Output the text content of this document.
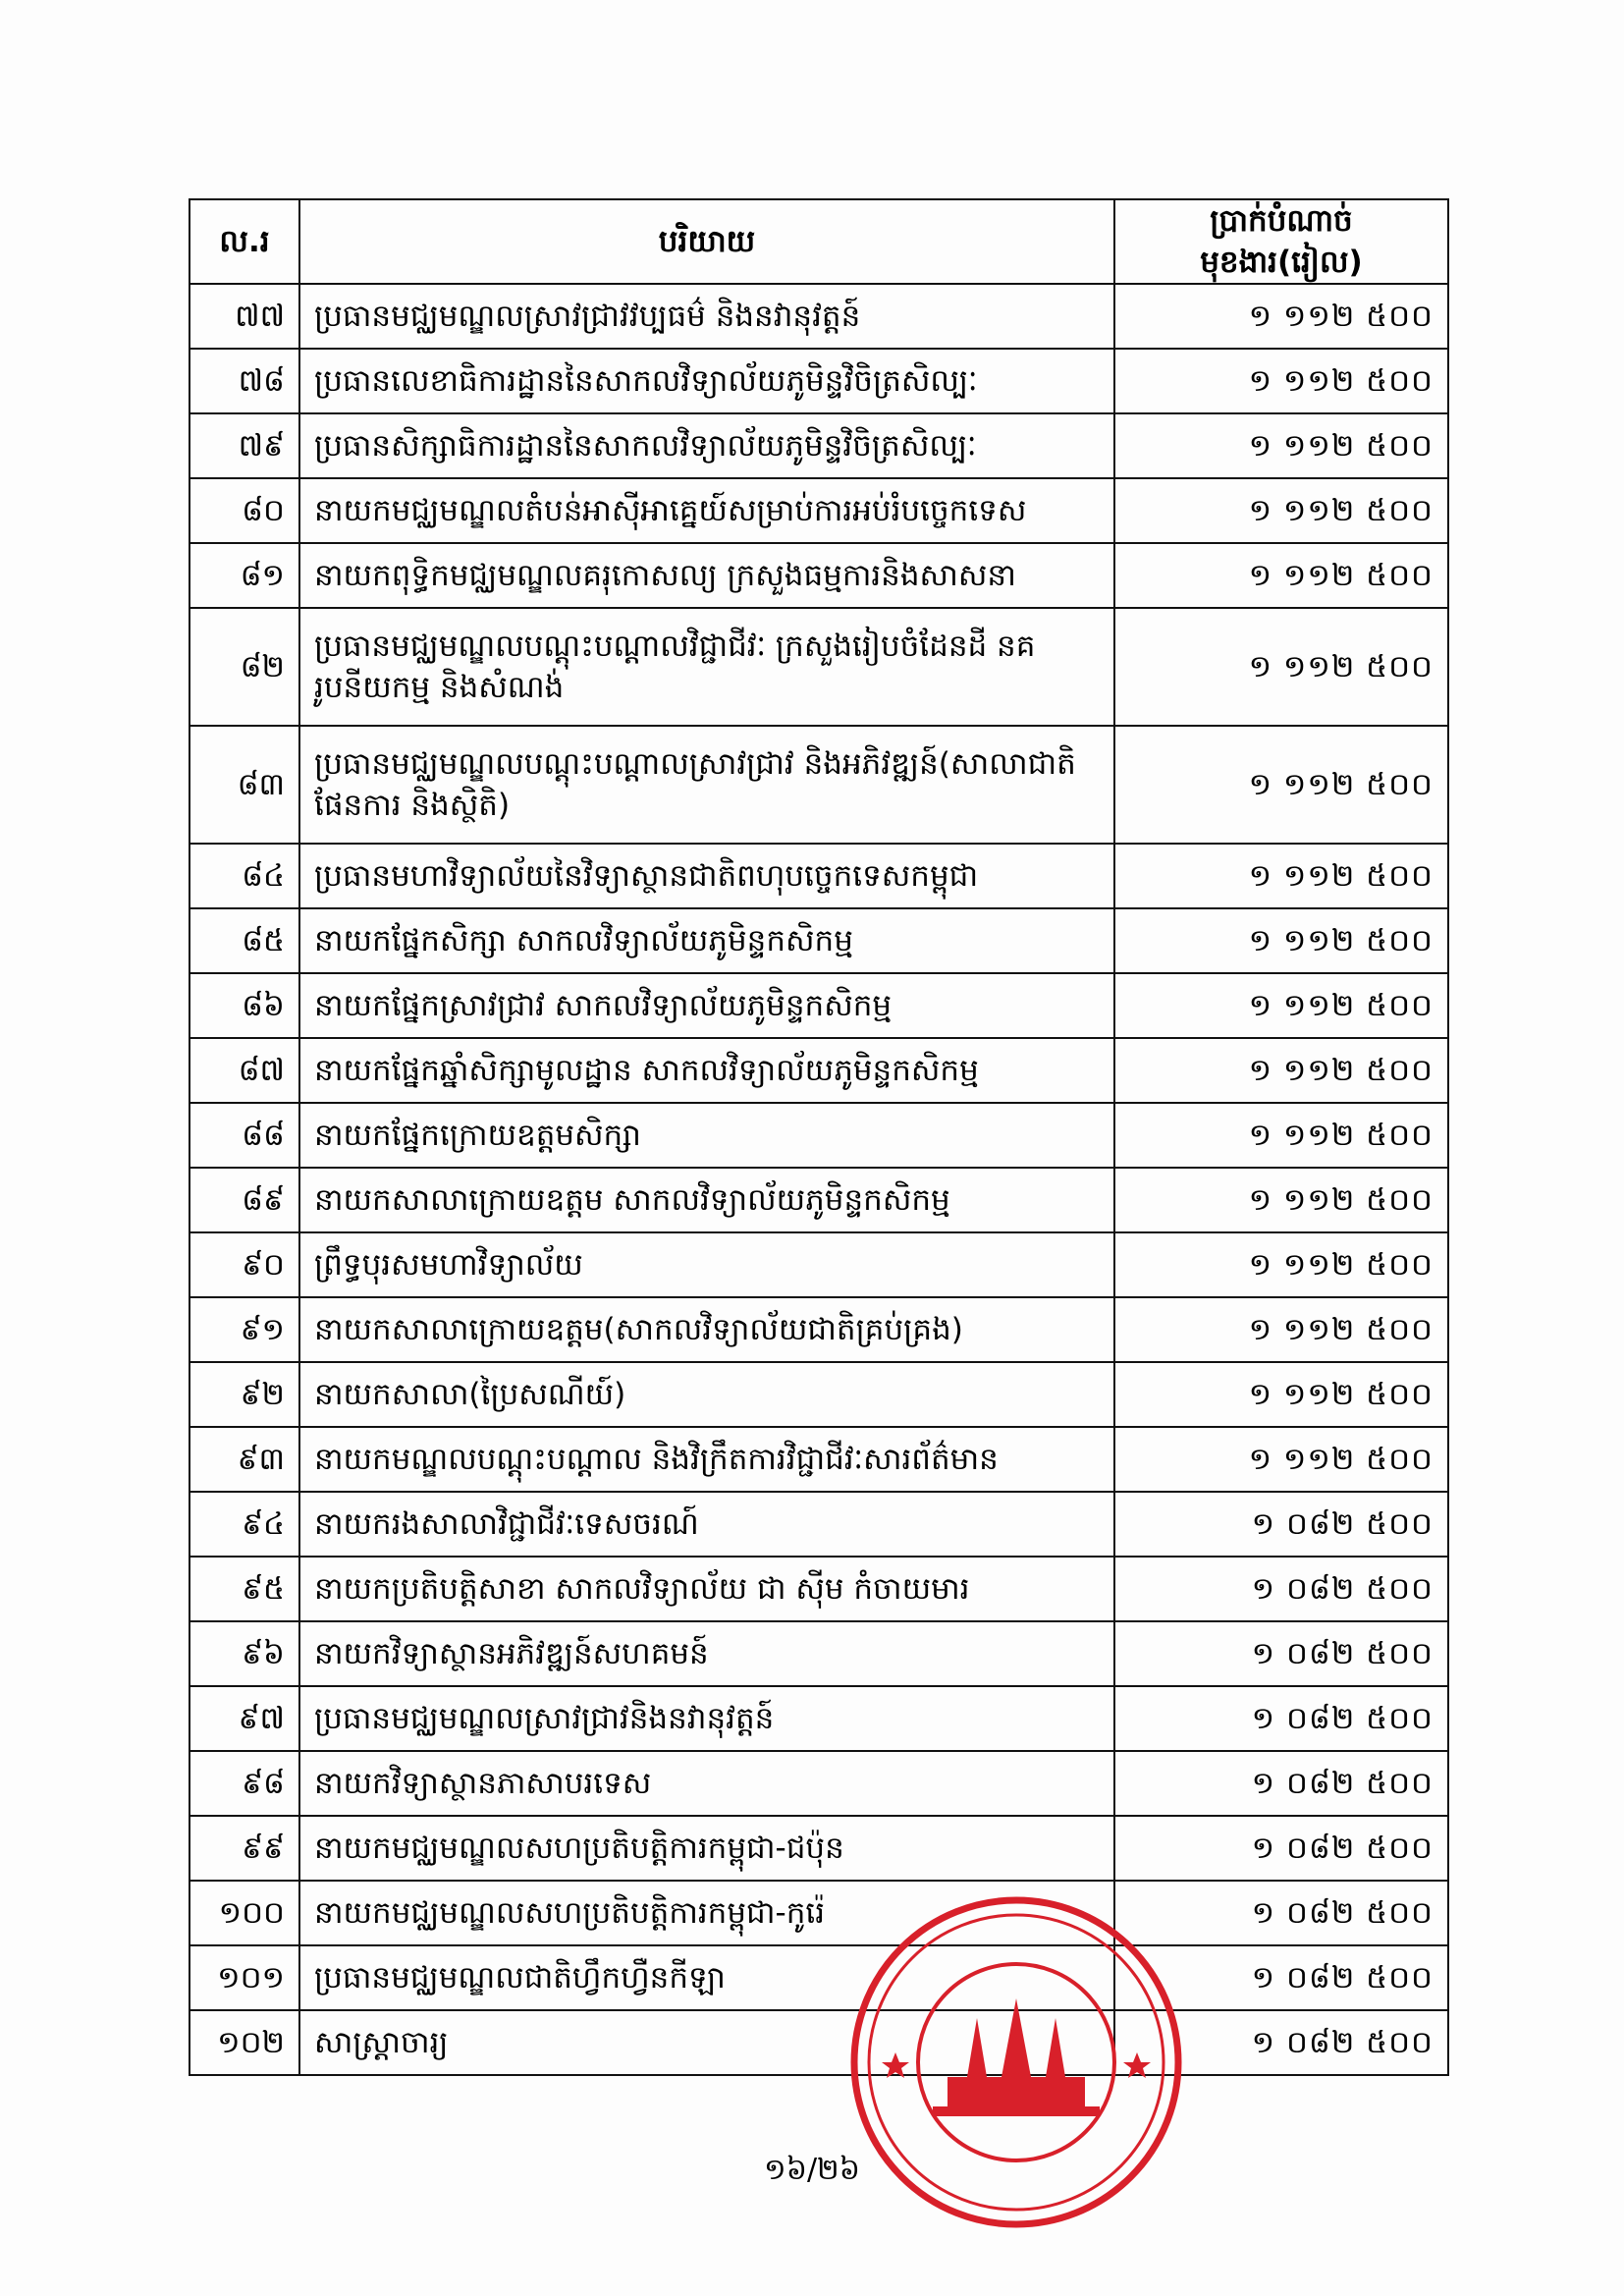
ល.រ	បរិយាយ	ប្រាក់បំណាច់មុខងារ(រៀល)
៧៧	ប្រធានមជ្ឈមណ្ឌលស្រាវជ្រាវវប្បធម៌ និងនវានុវត្តន៍	១ ១១២ ៥០០
៧៨	ប្រធានលេខាធិការដ្ឋាននៃសាកលវិទ្យាល័យភូមិន្ទវិចិត្រសិល្បៈ	១ ១១២ ៥០០
៧៩	ប្រធានសិក្សាធិការដ្ឋាននៃសាកលវិទ្យាល័យភូមិន្ទវិចិត្រសិល្បៈ	១ ១១២ ៥០០
៨០	នាយកមជ្ឈមណ្ឌលតំបន់អាស៊ីអាគ្នេយ៍សម្រាប់ការអប់រំបច្ចេកទេស	១ ១១២ ៥០០
៨១	នាយកពុទ្ធិកមជ្ឈមណ្ឌលគរុកោសល្យ ក្រសួងធម្មការនិងសាសនា	១ ១១២ ៥០០
៨២	ប្រធានមជ្ឈមណ្ឌលបណ្តុះបណ្តាលវិជ្ជាជីវៈ ក្រសួងរៀបចំដែនដី នគរូបនីយកម្ម និងសំណង់	១ ១១២ ៥០០
៨៣	ប្រធានមជ្ឈមណ្ឌលបណ្តុះបណ្តាលស្រាវជ្រាវ និងអភិវឌ្ឍន៍(សាលាជាតិផែនការ និងស្ថិតិ)	១ ១១២ ៥០០
៨៤	ប្រធានមហាវិទ្យាល័យនៃវិទ្យាស្ថានជាតិពហុបច្ចេកទេសកម្ពុជា	១ ១១២ ៥០០
៨៥	នាយកផ្នែកសិក្សា សាកលវិទ្យាល័យភូមិន្ទកសិកម្ម	១ ១១២ ៥០០
៨៦	នាយកផ្នែកស្រាវជ្រាវ សាកលវិទ្យាល័យភូមិន្ទកសិកម្ម	១ ១១២ ៥០០
៨៧	នាយកផ្នែកឆ្នាំសិក្សាមូលដ្ឋាន សាកលវិទ្យាល័យភូមិន្ទកសិកម្ម	១ ១១២ ៥០០
៨៨	នាយកផ្នែកក្រោយឧត្តមសិក្សា	១ ១១២ ៥០០
៨៩	នាយកសាលាក្រោយឧត្តម សាកលវិទ្យាល័យភូមិន្ទកសិកម្ម	១ ១១២ ៥០០
៩០	ព្រឹទ្ធបុរសមហាវិទ្យាល័យ	១ ១១២ ៥០០
៩១	នាយកសាលាក្រោយឧត្តម(សាកលវិទ្យាល័យជាតិគ្រប់គ្រង)	១ ១១២ ៥០០
៩២	នាយកសាលា(ប្រៃសណីយ៍)	១ ១១២ ៥០០
៩៣	នាយកមណ្ឌលបណ្តុះបណ្តាល និងវិក្រឹតការវិជ្ជាជីវៈសារព័ត៌មាន	១ ១១២ ៥០០
៩៤	នាយករងសាលាវិជ្ជាជីវៈទេសចរណ៍	១ ០៨២ ៥០០
៩៥	នាយកប្រតិបត្តិសាខា សាកលវិទ្យាល័យ ជា ស៊ីម កំចាយមារ	១ ០៨២ ៥០០
៩៦	នាយកវិទ្យាស្ថានអភិវឌ្ឍន៍សហគមន៍	១ ០៨២ ៥០០
៩៧	ប្រធានមជ្ឈមណ្ឌលស្រាវជ្រាវនិងនវានុវត្តន៍	១ ០៨២ ៥០០
៩៨	នាយកវិទ្យាស្ថានភាសាបរទេស	១ ០៨២ ៥០០
៩៩	នាយកមជ្ឈមណ្ឌលសហប្រតិបត្តិការកម្ពុជា-ជប៉ុន	១ ០៨២ ៥០០
១០០	នាយកមជ្ឈមណ្ឌលសហប្រតិបត្តិការកម្ពុជា-កូរ៉េ	១ ០៨២ ៥០០
១០១	ប្រធានមជ្ឈមណ្ឌលជាតិហ្វឹកហ្វឺនកីឡា	១ ០៨២ ៥០០
១០២	សាស្ត្រាចារ្យ	១ ០៨២ ៥០០
១៦/២៦
